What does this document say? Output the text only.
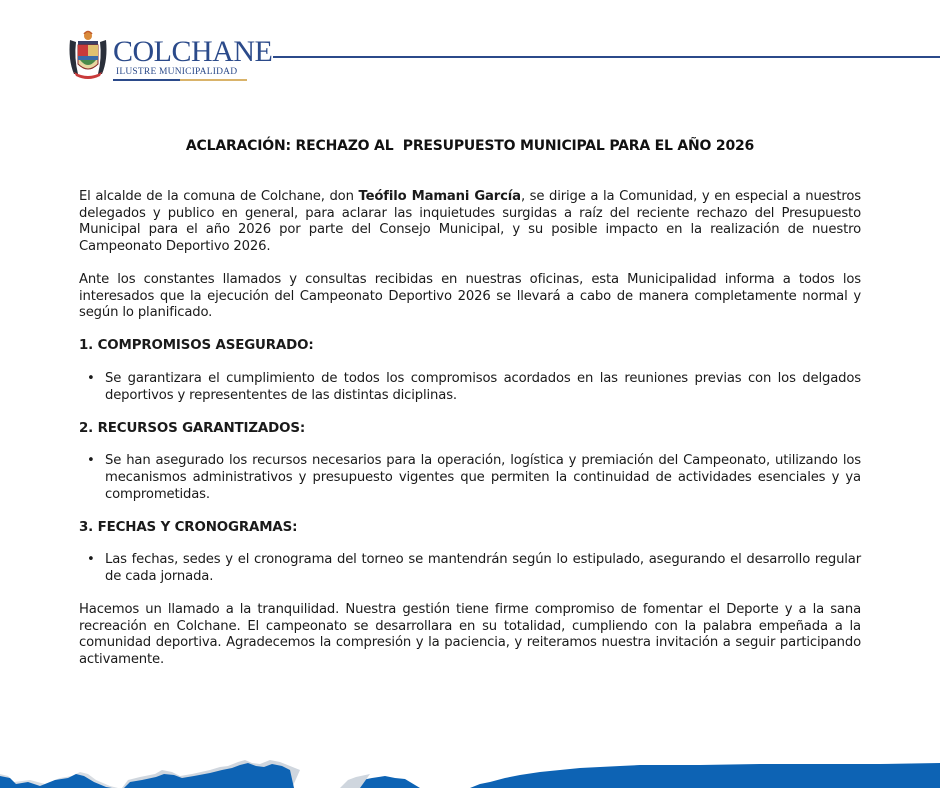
COLCHANE
ILUSTRE MUNICIPALIDAD
ACLARACIÓN: RECHAZO AL  PRESUPUESTO MUNICIPAL PARA EL AÑO 2026

El alcalde de la comuna de Colchane, don Teófilo Mamani García, se dirige a la Comunidad, y en especial a nuestros delegados y publico en general, para aclarar las inquietudes surgidas a raíz del reciente rechazo del Presupuesto Municipal para el año 2026 por parte del Consejo Municipal, y su posible impacto en la realización de nuestro Campeonato Deportivo 2026.

Ante los constantes llamados y consultas recibidas en nuestras oficinas, esta Municipalidad informa a todos los interesados que la ejecución del Campeonato Deportivo 2026 se llevará a cabo de manera completamente normal y según lo planificado.

1. COMPROMISOS ASEGURADO:
• Se garantizara el cumplimiento de todos los compromisos acordados en las reuniones previas con los delgados deportivos y represententes de las distintas diciplinas.
2. RECURSOS GARANTIZADOS:
• Se han asegurado los recursos necesarios para la operación, logística y premiación del Campeonato, utilizando los mecanismos administrativos y presupuesto vigentes que permiten la continuidad de actividades esenciales y ya comprometidas.
3. FECHAS Y CRONOGRAMAS:
• Las fechas, sedes y el cronograma del torneo se mantendrán según lo estipulado, asegurando el desarrollo regular de cada jornada.

Hacemos un llamado a la tranquilidad. Nuestra gestión tiene firme compromiso de fomentar el Deporte y a la sana recreación en Colchane. El campeonato se desarrollara en su totalidad, cumpliendo con la palabra empeñada a la comunidad deportiva. Agradecemos la compresión y la paciencia, y reiteramos nuestra invitación a seguir participando activamente.
